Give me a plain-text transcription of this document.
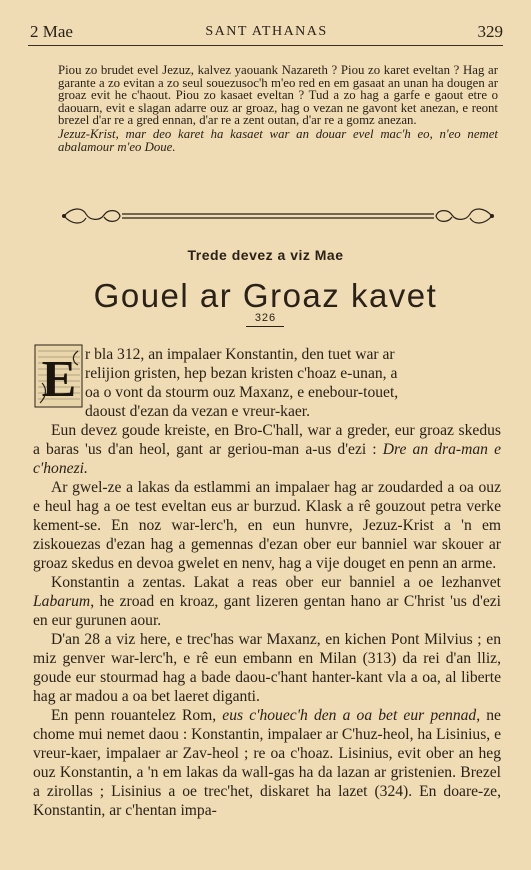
2 Mae	SANT ATHANAS	329

Piou zo brudet evel Jezuz, kalvez yaouank Nazareth ? Piou zo karet eveltan ? Hag ar garante a zo evitan a zo seul souezusoc'h m'eo red en em gasaat an unan ha dougen ar groaz evit he c'haout. Piou zo kasaet eveltan ? Tud a zo hag a garfe e gaout etre o daouarn, evit e slagan adarre ouz ar groaz, hag o vezan ne gavont ket anezan, e reont brezel d'ar re a gred ennan, d'ar re a zent outan, d'ar re a gomz anezan.

Jezuz-Krist, mar deo karet ha kasaet war an douar evel mac'h eo, n'eo nemet abalamour m'eo Doue.

Trede devez a viz Mae
Gouel ar Groaz kavet
326
E r bla 312, an impalaer Konstantin, den tuet war ar
relijion gristen, hep bezan kristen c'hoaz e-unan, a
oa o vont da stourm ouz Maxanz, e enebour-touet,
daoust d'ezan da vezan e vreur-kaer.

Eun devez goude kreiste, en Bro-C'hall, war a greder, eur groaz skedus a baras 'us d'an heol, gant ar geriou-man a-us d'ezi : Dre an dra-man e c'honezi.

Ar gwel-ze a lakas da estlammi an impalaer hag ar zoudarded a oa ouz e heul hag a oe test eveltan eus ar burzud. Klask a rê gouzout petra verke kement-se. En noz war-lerc'h, en eun hunvre, Jezuz-Krist a 'n em ziskouezas d'ezan hag a gemennas d'ezan ober eur banniel war skouer ar groaz skedus en devoa gwelet en nenv, hag a vije douget en penn an arme.

Konstantin a zentas. Lakat a reas ober eur banniel a oe lezhanvet Labarum, he zroad en kroaz, gant lizeren gentan hano ar C'hrist 'us d'ezi en eur gurunen aour.

D'an 28 a viz here, e trec'has war Maxanz, en kichen Pont Milvius ; en miz genver war-lerc'h, e rê eun embann en Milan (313) da rei d'an lliz, goude eur stourmad hag a bade daou-c'hant hanter-kant vla a oa, al liberte hag ar madou a oa bet laeret diganti.

En penn rouantelez Rom, eus c'houec'h den a oa bet eur pennad, ne chome mui nemet daou : Konstantin, impalaer ar C'huz-heol, ha Lisinius, e vreur-kaer, impalaer ar Zav-heol ; re oa c'hoaz. Lisinius, evit ober an heg ouz Konstantin, a 'n em lakas da wall-gas ha da lazan ar gristenien. Brezel a zirollas ; Lisinius a oe trec'het, diskaret ha lazet (324). En doare-ze, Konstantin, ar c'hentan impa-
